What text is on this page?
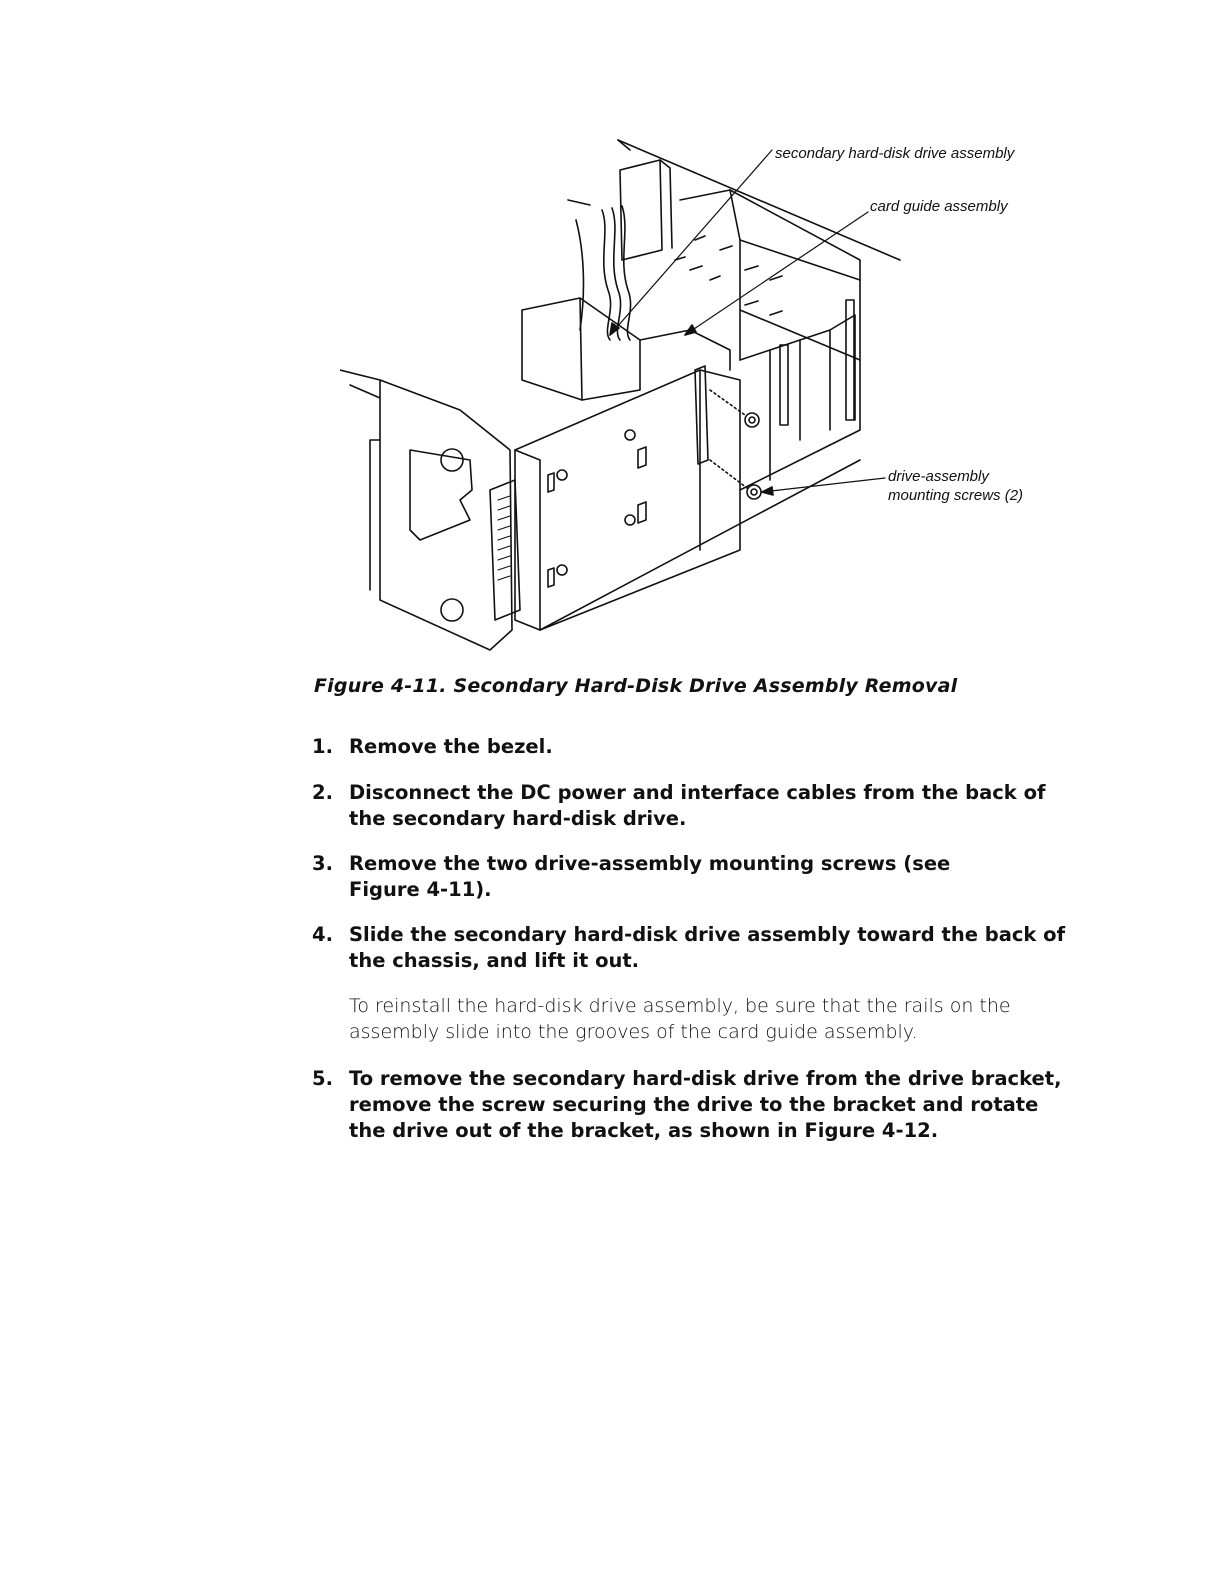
secondary hard-disk drive assembly
card guide assembly
drive-assembly
mounting screws (2)
Figure 4-11. Secondary Hard-Disk Drive Assembly Removal
1. Remove the bezel.
2. Disconnect the DC power and interface cables from the back of the secondary hard-disk drive.
3. Remove the two drive-assembly mounting screws (see Figure 4-11).
4. Slide the secondary hard-disk drive assembly toward the back of the chassis, and lift it out.
To reinstall the hard-disk drive assembly, be sure that the rails on the assembly slide into the grooves of the card guide assembly.
5. To remove the secondary hard-disk drive from the drive bracket, remove the screw securing the drive to the bracket and rotate the drive out of the bracket, as shown in Figure 4-12.
